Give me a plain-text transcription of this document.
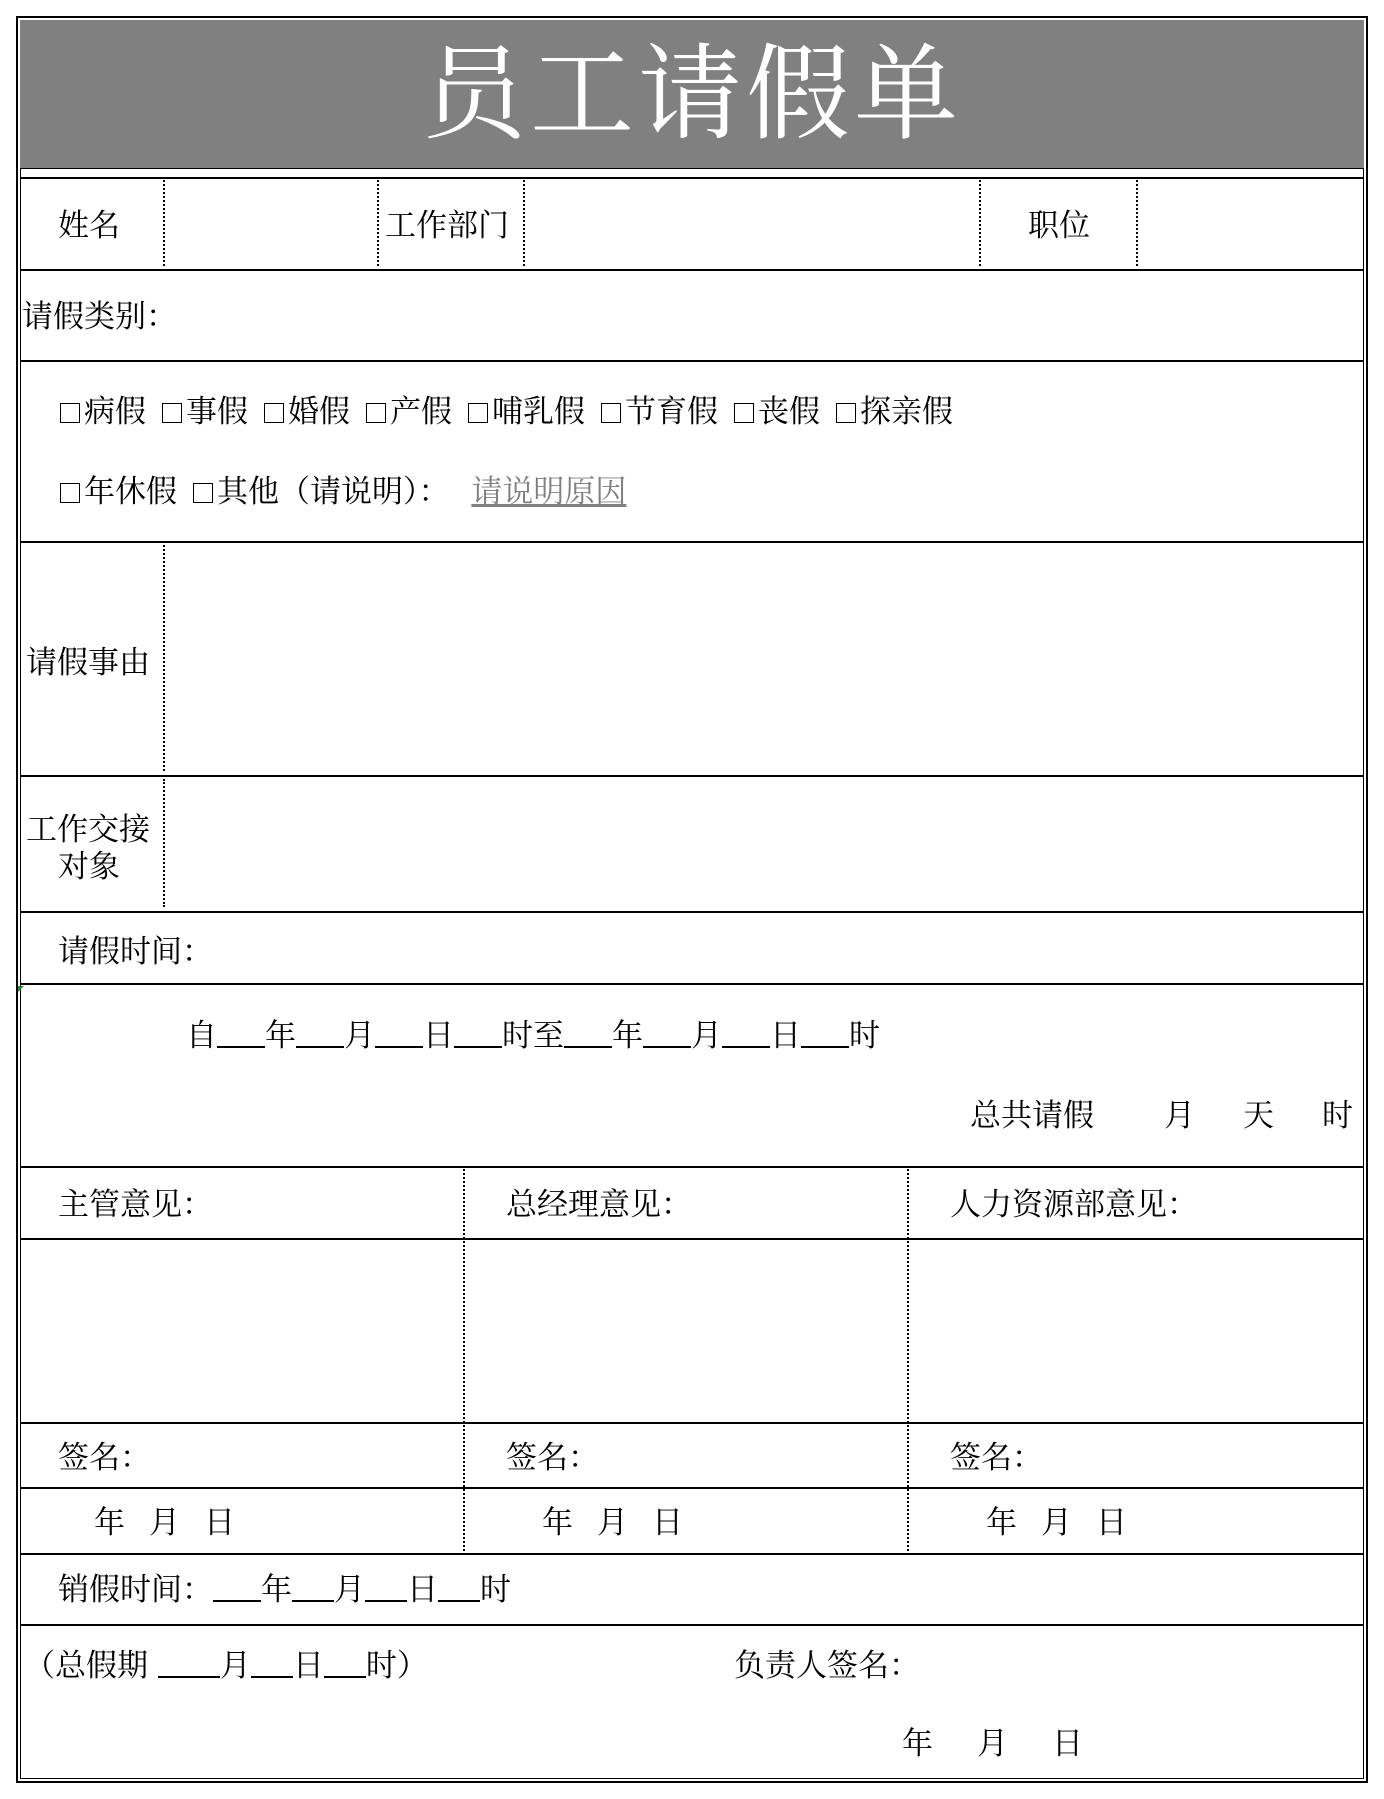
员工请假单
姓名	工作部门	职位
请假类别：
病假 事假 婚假 产假 哺乳假 节育假 丧假 探亲假
年休假 其他（请说明）： 请说明原因
请假事由
工作交接
对象
请假时间：
自 年 月 日 时至 年 月 日 时
总共请假 月 天 时
主管意见：	总经理意见：	人力资源部意见：
签名：	签名：	签名：
年 月 日	年 月 日	年 月 日
销假时间： 年 月 日 时
（总假期 月 日 时）	负责人签名：
年 月 日
